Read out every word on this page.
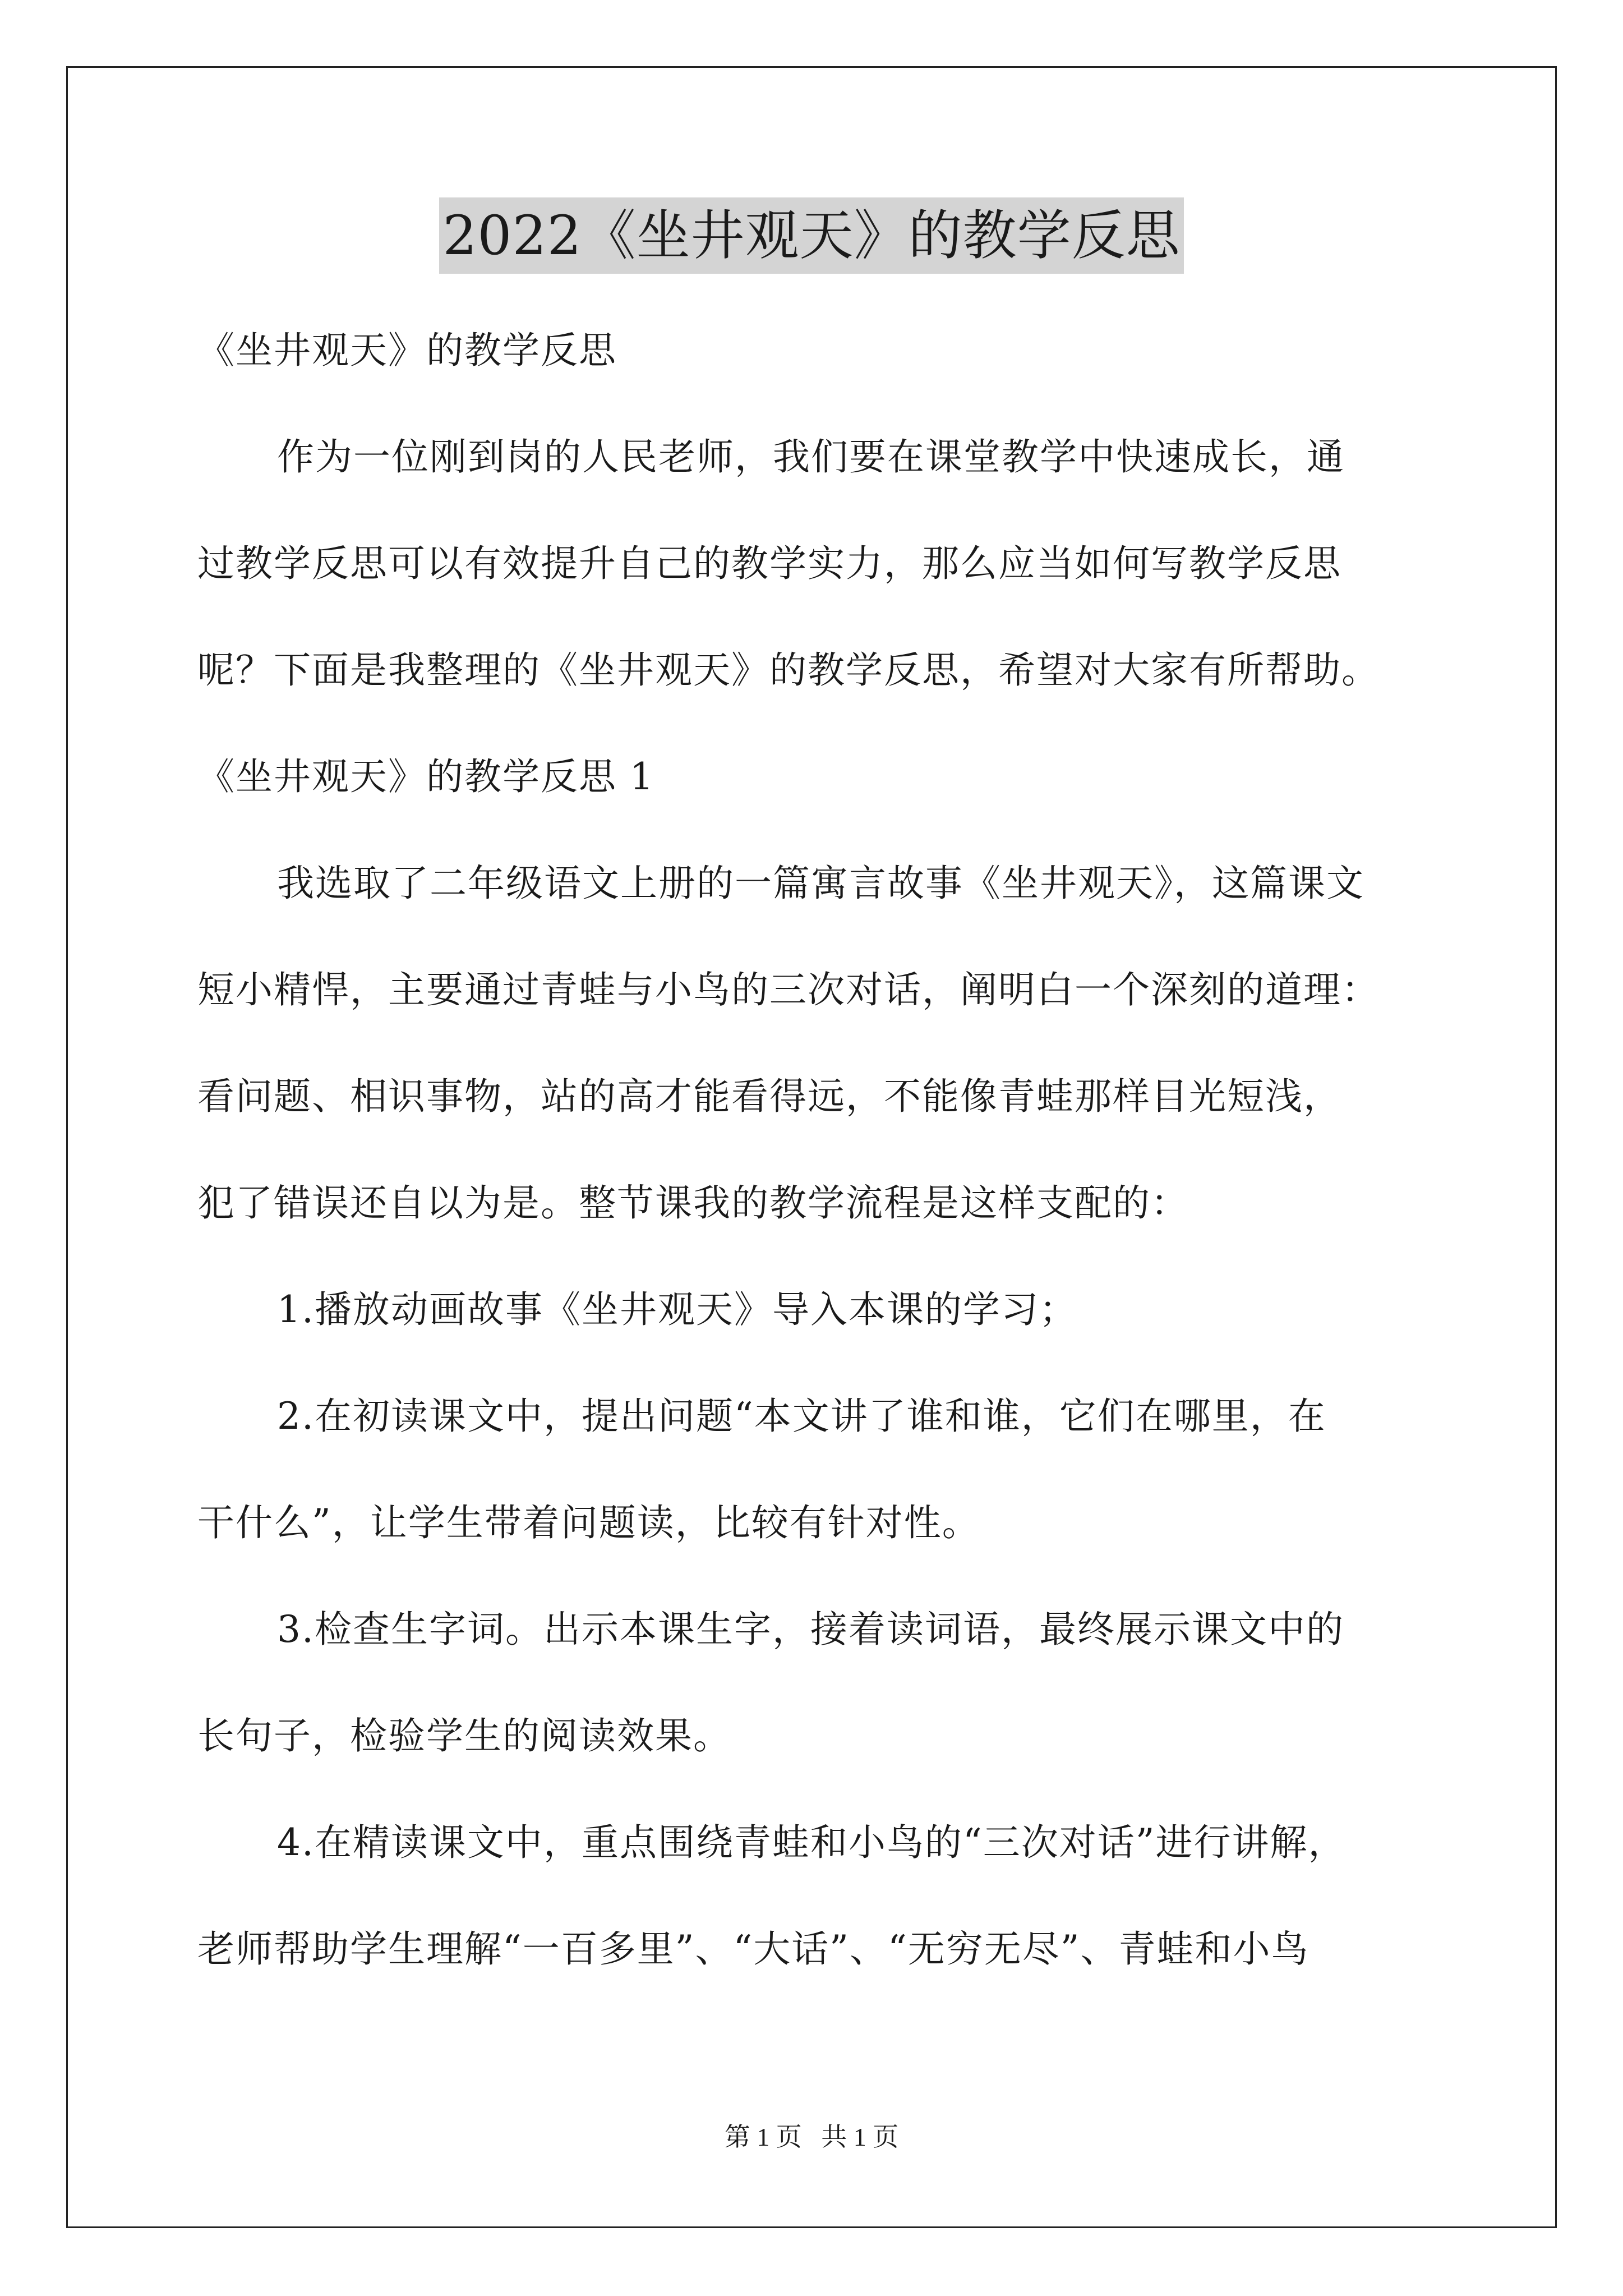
2022《坐井观天》的教学反思
《坐井观天》的教学反思
作为一位刚到岗的人民老师，我们要在课堂教学中快速成长，通
过教学反思可以有效提升自己的教学实力，那么应当如何写教学反思
呢？下面是我整理的《坐井观天》的教学反思，希望对大家有所帮助。
《坐井观天》的教学反思 1
我选取了二年级语文上册的一篇寓言故事《坐井观天》，这篇课文
短小精悍，主要通过青蛙与小鸟的三次对话，阐明白一个深刻的道理：
看问题、相识事物，站的高才能看得远，不能像青蛙那样目光短浅，
犯了错误还自以为是。整节课我的教学流程是这样支配的：
1.播放动画故事《坐井观天》导入本课的学习；
2.在初读课文中，提出问题“本文讲了谁和谁，它们在哪里，在
干什么”，让学生带着问题读，比较有针对性。
3.检查生字词。出示本课生字，接着读词语，最终展示课文中的
长句子，检验学生的阅读效果。
4.在精读课文中，重点围绕青蛙和小鸟的“三次对话”进行讲解，
老师帮助学生理解“一百多里”、“大话”、“无穷无尽”、青蛙和小鸟
第 1 页   共 1 页
